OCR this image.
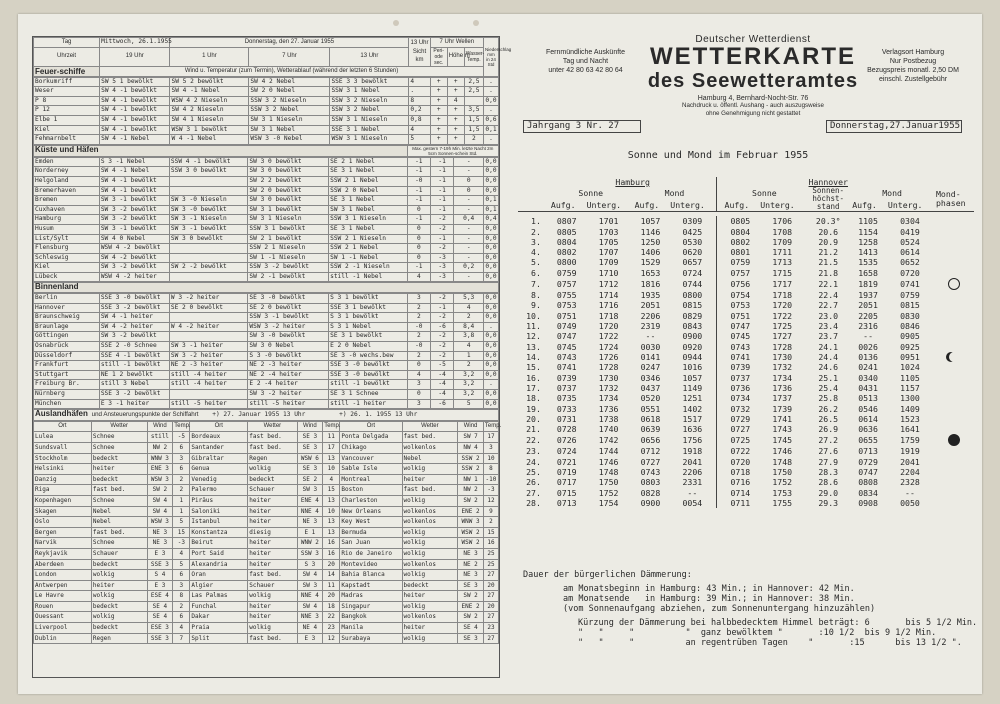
Tag	Mittwoch, 26.1.1955	Donnerstag, den 27. Januar 1955			13 Uhr Sicht km	7 Uhr Wellen			Niederschlag mm in 24 Std
Uhrzeit	19 Uhr	1 Uhr	7 Uhr	13 Uhr		Peri-ode sec.	Höhe m	Wasser-Temp.	
Feuer-schiffe	Wind u. Temperatur (zum Termin), Wetterablauf (während der letzten 6 Stunden)								
Borkumriff	SW 5 1 bewölkt	SW 5 2 bewölkt	SW 4 2 Nebel	SSE 3 3 bewölkt	4	+	+	2,5	.
Weser	SW 4 -1 bewölkt	SW 4 -1 Nebel	SW 2 0 Nebel	SSW 3 1 Nebel	.	+	+	2,5	.
P 8	SW 4 -1 bewölkt	WSW 4 2 Nieseln	SSW 3 2 Nieseln	SSW 3 2 Nieseln	8	+	4		0,0
P 12	SW 4 -1 bewölkt	SW 4 2 Nieseln	SSW 3 2 Nebel	SSW 3 2 Nebel	0,2	+	+	3,5	.
Elbe 1	SW 4 -1 bewölkt	SW 4 1 Nieseln	SW 3 1 Nieseln	SSW 3 1 Nieseln	0,8	+	+	1,5	0,6
Kiel	SW 4 -1 bewölkt	WSW 3 1 bewölkt	SW 3 1 Nebel	SSE 3 1 Nebel	4	+	+	1,5	0,1
Fehmarnbelt	SW 4 -1 Nebel	W 4 -1 Nebel	WSW 3 -0 Nebel	WSW 3 1 Nieseln	5	+	+	2	.
Küste und Häfen	Max. gestern 7-19h Min. letzte Nacht 2m 5cm Sonnen-schein Std.
Emden	S 3 -1 Nebel	SSW 4 -1 bewölkt	SW 3 0 bewölkt	SE 2 1 Nebel	-1	-1	-	0,0
Norderney	SW 4 -1 Nebel	SSW 3 0 bewölkt	SW 3 0 bewölkt	SE 3 1 Nebel	-1	-1	-	0,0
Helgoland	SW 4 -1 bewölkt		SW 2 2 bewölkt	SSW 2 1 Nebel	-0	-1	0	0,0
Bremerhaven	SW 4 -1 bewölkt		SW 2 0 bewölkt	SSW 2 0 Nebel	-1	-1	0	0,0
Bremen	SW 3 -1 bewölkt	SW 3 -0 Nieseln	SW 3 0 bewölkt	SE 3 1 Nebel	-1	-1	-	0,1
Cuxhaven	SW 3 -2 bewölkt	SW 3 -0 bewölkt	SW 3 1 bewölkt	SW 3 1 Nebel	0	-1	-	0,1
Hamburg	SW 3 -2 bewölkt	SW 3 -1 Nieseln	SW 3 1 Nieseln	SSW 3 1 Nieseln	-1	-2	0,4	0,4
Husum	SW 3 -1 bewölkt	SW 3 -1 bewölkt	SSW 3 1 bewölkt	SE 3 1 Nebel	0	-2	-	0,0
List/Sylt	SW 4 0 Nebel	SW 3 0 bewölkt	SW 2 1 bewölkt	SSW 2 1 Nieseln	0	-1	-	0,0
Flensburg	WSW 4 -2 bewölkt		SSW 2 1 Nieseln	SSW 2 1 Nebel	0	-2	-	0,0
Schleswig	SW 4 -2 bewölkt		SW 1 -1 Nieseln	SW 1 -1 Nebel	0	-3	-	0,0
Kiel	SW 3 -2 bewölkt	SW 2 -2 bewölkt	SSW 3 -2 bewölkt	SSW 2 -1 Nieseln	-1	-3	0,2	0,0
Lübeck	WSW 4 -2 heiter		SW 2 -1 bewölkt	still -1 Nebel	4	-3	-	0,0
Binnenland
Berlin	SSE 3 -0 bewölkt	W 3 -2 heiter	SE 3 -0 bewölkt	S 3 1 bewölkt	3	-2	5,3	0,0
Hannover	SSE 3 -2 bewölkt	SE 2 0 bewölkt	SE 2 0 bewölkt	SSE 3 1 bewölkt	2	-1	4	0,0
Braunschweig	SW 4 -1 heiter		SSW 3 -1 bewölkt	S 3 1 bewölkt	2	-2	2	0,0
Braunlage	SW 4 -2 heiter	W 4 -2 heiter	WSW 3 -2 heiter	S 3 1 Nebel	-0	-6	8,4	.
Göttingen	SW 3 -2 bewölkt		SW 3 -0 bewölkt	SE 3 1 bewölkt	2	-2	3,8	0,0
Osnabrück	SSE 2 -0 Schnee	SW 3 -1 heiter	SW 3 0 Nebel	E 2 0 Nebel	-0	-2	4	0,0
Düsseldorf	SSE 4 -1 bewölkt	SW 3 -2 heiter	S 3 -0 bewölkt	SE 3 -0 wechs.bew	2	-2	1	0,0
Frankfurt	still -1 bewölkt	NE 2 -3 heiter	NE 2 -3 heiter	SSE 3 -0 bewölkt	0	-5	2	0,0
Stuttgart	NE 1 2 bewölkt	still -4 heiter	NE 2 -4 heiter	SSE 3 -0 bewölkt	4	-4	3,2	0,0
Freiburg Br.	still 3 Nebel	still -4 heiter	E 2 -4 heiter	still -1 bewölkt	3	-4	3,2	.
Nürnberg	SSE 3 -2 bewölkt		SW 3 -2 heiter	SE 3 1 Schnee	0	-4	3,2	0,0
München	E 3 -1 heiter	still -5 heiter	still -5 heiter	still -1 heiter	3	-6	5	0,0
Auslandhäfen und Ansteuerungspunkte der Schiffahrt +) 27. Januar 1955 13 Uhr	+) 26. 1. 1955 13 Uhr
Ort	Wetter	Wind	Temp.	Ort	Wetter	Wind	Temp.	Ort	Wetter	Wind	Temp.
Lulea	Schnee	still	-5	Bordeaux	fast bed.	SE 3	11	Ponta Delgada	fast bed.	SW 7	17
Sundsvall	Schnee	NW 2	6	Santander	fast bed.	SE 3	17	Chikago	wolkenlos	NW 4	3
Stockholm	bedeckt	WNW 3	3	Gibraltar	Regen	WSW 6	13	Vancouver	Nebel	SSW 2	10
Helsinki	heiter	ENE 3	6	Genua	wolkig	SE 3	10	Sable Isle	wolkig	SSW 2	8
Danzig	bedeckt	WSW 3	2	Venedig	bedeckt	SE 2	4	Montreal	heiter	NW 1	-10
Riga	fast bed.	SW 2	2	Palermo	Schauer	SW 3	15	Boston	fast bed.	NW 2	-3
Kopenhagen	Schnee	SW 4	1	Piräus	heiter	ENE 4	13	Charleston	wolkig	SW 2	12
Skagen	Nebel	SW 4	1	Saloniki	heiter	NNE 4	10	New Orleans	wolkenlos	ENE 2	9
Oslo	Nebel	WSW 3	5	Istanbul	heiter	NE 3	13	Key West	wolkenlos	WNW 3	2
Bergen	fast bed.	NE 3	15	Konstantza	diesig	E 1	13	Bermuda	wolkig	WSW 2	15
Narvik	Schnee	NE 3	-3	Beirut	heiter	WNW 2	16	San Juan	wolkig	WSW 2	16
Reykjavik	Schauer	E 3	4	Port Said	heiter	SSW 3	16	Rio de Janeiro	wolkig	NE 3	25
Aberdeen	bedeckt	SSE 3	5	Alexandria	heiter	S 3	20	Montevideo	wolkenlos	NE 2	25
London	wolkig	S 4	6	Oran	fast bed.	SW 4	14	Bahia Blanca	wolkig	NE 3	27
Antwerpen	heiter	E 3	3	Algier	Schauer	SW 3	11	Kapstadt	bedeckt	SE 3	20
Le Havre	wolkig	ESE 4	8	Las Palmas	wolkig	NNE 4	20	Madras	heiter	SW 2	27
Rouen	bedeckt	SE 4	2	Funchal	heiter	SW 4	18	Singapur	wolkig	ENE 2	20
Ouessant	wolkig	SE 4	6	Dakar	heiter	NNE 3	22	Bangkok	wolkenlos	SW 2	27
Liverpool	bedeckt	ESE 3	4	Praia	wolkig	NE 4	23	Manila	heiter	SE 4	23
Dublin	Regen	SSE 3	7	Split	fast bed.	E 3	12	Surabaya	wolkig	SE 3	27
Fernmündliche Auskünfte
Tag und Nacht
unter 42 80 63 42 80 64
Deutscher Wetterdienst
WETTERKARTE
des Seewetteramtes
Hamburg 4, Bernhard-Nocht-Str. 76
Nachdruck u. öffentl. Aushang - auch auszugsweise
ohne Genehmigung nicht gestattet
Verlagsort Hamburg
Nur Postbezug
Bezugspreis monatl. 2,50 DM
einschl. Zustellgebühr
Jahrgang 3 Nr. 27	Donnerstag,27.Januar1955
Sonne und Mond im Februar 1955
	Hamburg					Hannover					
	Sonne		Mond			Sonne		Sonnen-höchst-stand	Mond		Mond-phasen
	Aufg.	Unterg.	Aufg.	Unterg.		Aufg.	Unterg.		Aufg.	Unterg.	

1.	0807	1701	1057	0309		0805	1706	20.3°	1105	0304	
2.	0805	1703	1146	0425		0804	1708	20.6	1154	0419	
3.	0804	1705	1250	0530		0802	1709	20.9	1258	0524	
4.	0802	1707	1406	0620		0801	1711	21.2	1413	0614	
5.	0800	1709	1529	0657		0759	1713	21.5	1535	0652	
6.	0759	1710	1653	0724		0757	1715	21.8	1658	0720	
7.	0757	1712	1816	0744		0756	1717	22.1	1819	0741	
8.	0755	1714	1935	0800		0754	1718	22.4	1937	0759	
9.	0753	1716	2051	0815		0753	1720	22.7	2051	0815	
10.	0751	1718	2206	0829		0751	1722	23.0	2205	0830	
11.	0749	1720	2319	0843		0747	1725	23.4	2316	0846	
12.	0747	1722	--	0900		0745	1727	23.7	--	0905	
13.	0745	1724	0030	0920		0743	1728	24.1	0026	0925	
14.	0743	1726	0141	0944		0741	1730	24.4	0136	0951	
15.	0741	1728	0247	1016		0739	1732	24.6	0241	1024	
16.	0739	1730	0346	1057		0737	1734	25.1	0340	1105	
17.	0737	1732	0437	1149		0736	1736	25.4	0431	1157	
18.	0735	1734	0520	1251		0734	1737	25.8	0513	1300	
19.	0733	1736	0551	1402		0732	1739	26.2	0546	1409	
20.	0731	1738	0618	1517		0729	1741	26.5	0614	1523	
21.	0728	1740	0639	1636		0727	1743	26.9	0636	1641	
22.	0726	1742	0656	1756		0725	1745	27.2	0655	1759	
23.	0724	1744	0712	1918		0722	1746	27.6	0713	1919	
24.	0721	1746	0727	2041		0720	1748	27.9	0729	2041	
25.	0719	1748	0743	2206		0718	1750	28.3	0747	2204	
26.	0717	1750	0803	2331		0716	1752	28.6	0808	2328	
27.	0715	1752	0828	--		0714	1753	29.0	0834	--	
28.	0713	1754	0900	0054		0711	1755	29.3	0908	0050	
Dauer der bürgerlichen Dämmerung:
am Monatsbeginn in Hamburg: 43 Min.; in Hannover: 42 Min.
am Monatsende   in Hamburg: 39 Min.; in Hannover: 38 Min.
(vom Sonnenaufgang abziehen, zum Sonnenuntergang hinzuzählen)
Kürzung der Dämmerung bei halbbedecktem Himmel beträgt: 6       bis 5 1/2 Min.
"   "     "          "  ganz bewölktem "       :10 1/2  bis 9 1/2 Min.
"   "     "          an regentrüben Tagen    "       :15      bis 13 1/2 ".
